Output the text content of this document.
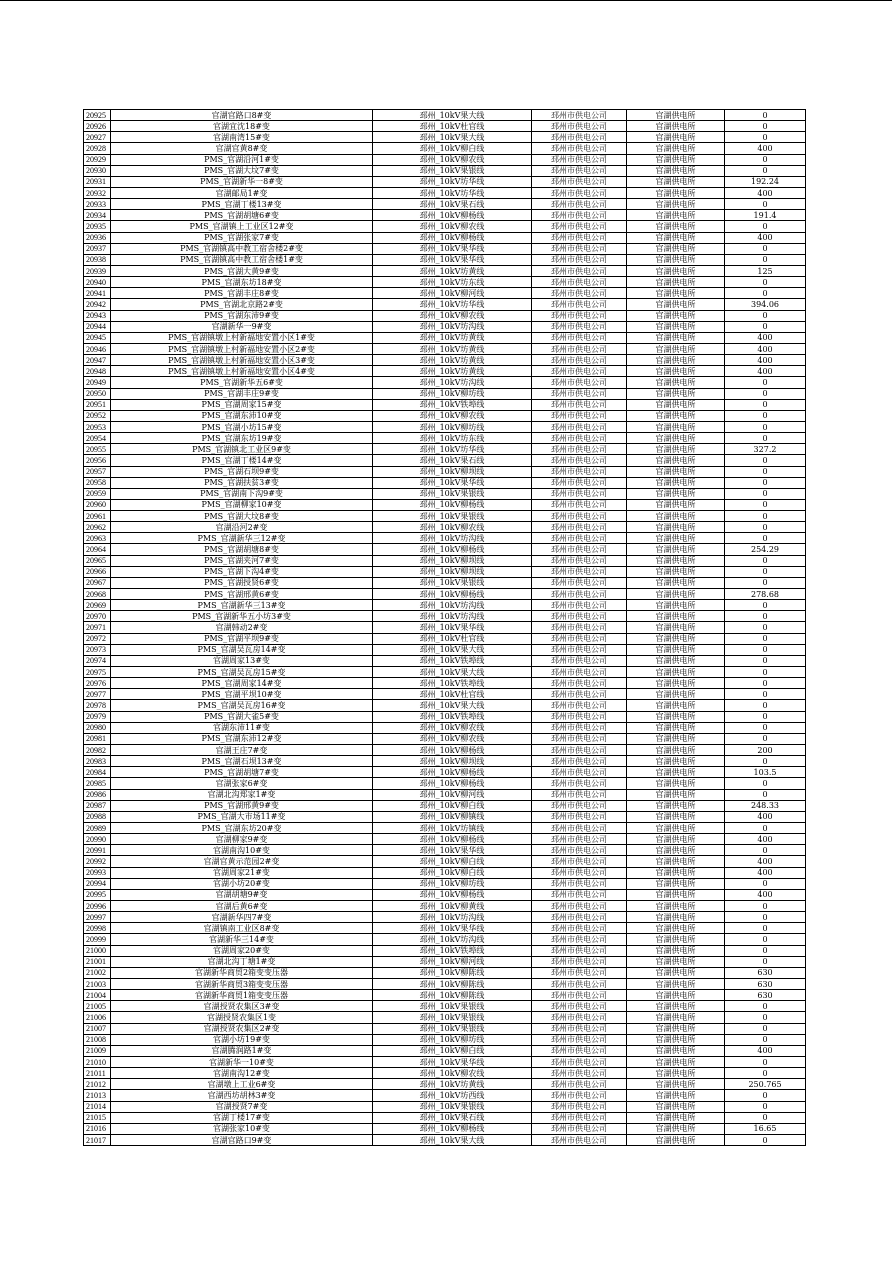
20925	官湖官路口8#变	邳州_10kV果大线	邳州市供电公司	官湖供电所	0
20926	官湖宜沈18#变	邳州_10kV杜官线	邳州市供电公司	官湖供电所	0
20927	官湖南湾15#变	邳州_10kV果大线	邳州市供电公司	官湖供电所	0
20928	官湖官黄8#变	邳州_10kV柳白线	邳州市供电公司	官湖供电所	400
20929	PMS_官湖沿河1#变	邳州_10kV柳农线	邳州市供电公司	官湖供电所	0
20930	PMS_官湖大坟7#变	邳州_10kV果银线	邳州市供电公司	官湖供电所	0
20931	PMS_官湖新华一8#变	邳州_10kV坊华线	邳州市供电公司	官湖供电所	192.24
20932	官湖邮局1#变	邳州_10kV坊华线	邳州市供电公司	官湖供电所	400
20933	PMS_官湖丁楼13#变	邳州_10kV果石线	邳州市供电公司	官湖供电所	0
20934	PMS_官湖胡塘6#变	邳州_10kV柳杨线	邳州市供电公司	官湖供电所	191.4
20935	PMS_官湖镇上工业区12#变	邳州_10kV柳农线	邳州市供电公司	官湖供电所	0
20936	PMS_官湖张家7#变	邳州_10kV柳杨线	邳州市供电公司	官湖供电所	400
20937	PMS_官湖镇高中教工宿舍楼2#变	邳州_10kV果华线	邳州市供电公司	官湖供电所	0
20938	PMS_官湖镇高中教工宿舍楼1#变	邳州_10kV果华线	邳州市供电公司	官湖供电所	0
20939	PMS_官湖大黄9#变	邳州_10kV坊黄线	邳州市供电公司	官湖供电所	125
20940	PMS_官湖东坊18#变	邳州_10kV坊东线	邳州市供电公司	官湖供电所	0
20941	PMS_官湖丰庄8#变	邳州_10kV柳河线	邳州市供电公司	官湖供电所	0
20942	PMS_官湖北京路2#变	邳州_10kV坊华线	邳州市供电公司	官湖供电所	394.06
20943	PMS_官湖东沛9#变	邳州_10kV柳农线	邳州市供电公司	官湖供电所	0
20944	官湖新华一9#变	邳州_10kV坊沟线	邳州市供电公司	官湖供电所	0
20945	PMS_官湖镇墩上村新福地安置小区1#变	邳州_10kV坊黄线	邳州市供电公司	官湖供电所	400
20946	PMS_官湖镇墩上村新福地安置小区2#变	邳州_10kV坊黄线	邳州市供电公司	官湖供电所	400
20947	PMS_官湖镇墩上村新福地安置小区3#变	邳州_10kV坊黄线	邳州市供电公司	官湖供电所	400
20948	PMS_官湖镇墩上村新福地安置小区4#变	邳州_10kV坊黄线	邳州市供电公司	官湖供电所	400
20949	PMS_官湖新华五6#变	邳州_10kV坊沟线	邳州市供电公司	官湖供电所	0
20950	PMS_官湖丰庄9#变	邳州_10kV柳坊线	邳州市供电公司	官湖供电所	0
20951	PMS_官湖周家15#变	邳州_10kV铁埠线	邳州市供电公司	官湖供电所	0
20952	PMS_官湖东沛10#变	邳州_10kV柳农线	邳州市供电公司	官湖供电所	0
20953	PMS_官湖小坊15#变	邳州_10kV柳坊线	邳州市供电公司	官湖供电所	0
20954	PMS_官湖东坊19#变	邳州_10kV坊东线	邳州市供电公司	官湖供电所	0
20955	PMS_官湖镇北工业区9#变	邳州_10kV坊华线	邳州市供电公司	官湖供电所	327.2
20956	PMS_官湖丁楼14#变	邳州_10kV果石线	邳州市供电公司	官湖供电所	0
20957	PMS_官湖石坝9#变	邳州_10kV柳坝线	邳州市供电公司	官湖供电所	0
20958	PMS_官湖扶贫3#变	邳州_10kV果华线	邳州市供电公司	官湖供电所	0
20959	PMS_官湖南下沟9#变	邳州_10kV果银线	邳州市供电公司	官湖供电所	0
20960	PMS_官湖柳家10#变	邳州_10kV柳杨线	邳州市供电公司	官湖供电所	0
20961	PMS_官湖大坟8#变	邳州_10kV果银线	邳州市供电公司	官湖供电所	0
20962	官湖沿河2#变	邳州_10kV柳农线	邳州市供电公司	官湖供电所	0
20963	PMS_官湖新华三12#变	邳州_10kV坊沟线	邳州市供电公司	官湖供电所	0
20964	PMS_官湖胡塘8#变	邳州_10kV柳杨线	邳州市供电公司	官湖供电所	254.29
20965	PMS_官湖夹河7#变	邳州_10kV柳坝线	邳州市供电公司	官湖供电所	0
20966	PMS_官湖下沟4#变	邳州_10kV柳坝线	邳州市供电公司	官湖供电所	0
20967	PMS_官湖授贤6#变	邳州_10kV果银线	邳州市供电公司	官湖供电所	0
20968	PMS_官湖邢黄6#变	邳州_10kV柳杨线	邳州市供电公司	官湖供电所	278.68
20969	PMS_官湖新华三13#变	邳州_10kV坊沟线	邳州市供电公司	官湖供电所	0
20970	PMS_官湖新华五小坊3#变	邳州_10kV坊沟线	邳州市供电公司	官湖供电所	0
20971	官湖韩动2#变	邳州_10kV果华线	邳州市供电公司	官湖供电所	0
20972	PMS_官湖平坝9#变	邳州_10kV杜官线	邳州市供电公司	官湖供电所	0
20973	PMS_官湖吴瓦房14#变	邳州_10kV果大线	邳州市供电公司	官湖供电所	0
20974	官湖周家13#变	邳州_10kV铁埠线	邳州市供电公司	官湖供电所	0
20975	PMS_官湖吴瓦房15#变	邳州_10kV果大线	邳州市供电公司	官湖供电所	0
20976	PMS_官湖周家14#变	邳州_10kV铁埠线	邳州市供电公司	官湖供电所	0
20977	PMS_官湖平坝10#变	邳州_10kV杜官线	邳州市供电公司	官湖供电所	0
20978	PMS_官湖吴瓦房16#变	邳州_10kV果大线	邳州市供电公司	官湖供电所	0
20979	PMS_官湖大雀5#变	邳州_10kV铁埠线	邳州市供电公司	官湖供电所	0
20980	官湖东沛11#变	邳州_10kV柳农线	邳州市供电公司	官湖供电所	0
20981	PMS_官湖东沛12#变	邳州_10kV柳农线	邳州市供电公司	官湖供电所	0
20982	官湖王庄7#变	邳州_10kV柳杨线	邳州市供电公司	官湖供电所	200
20983	PMS_官湖石坝13#变	邳州_10kV柳坝线	邳州市供电公司	官湖供电所	0
20984	PMS_官湖胡塘7#变	邳州_10kV柳杨线	邳州市供电公司	官湖供电所	103.5
20985	官湖张家6#变	邳州_10kV柳杨线	邳州市供电公司	官湖供电所	0
20986	官湖北沟郑家1#变	邳州_10kV柳河线	邳州市供电公司	官湖供电所	0
20987	PMS_官湖邢黄9#变	邳州_10kV柳白线	邳州市供电公司	官湖供电所	248.33
20988	PMS_官湖大市场11#变	邳州_10kV柳镇线	邳州市供电公司	官湖供电所	400
20989	PMS_官湖东坊20#变	邳州_10kV坊镇线	邳州市供电公司	官湖供电所	0
20990	官湖柳家9#变	邳州_10kV柳杨线	邳州市供电公司	官湖供电所	400
20991	官湖南沟10#变	邳州_10kV果华线	邳州市供电公司	官湖供电所	0
20992	官湖官黄示范园2#变	邳州_10kV柳白线	邳州市供电公司	官湖供电所	400
20993	官湖周家21#变	邳州_10kV柳白线	邳州市供电公司	官湖供电所	400
20994	官湖小坊20#变	邳州_10kV柳坊线	邳州市供电公司	官湖供电所	0
20995	官湖胡塘9#变	邳州_10kV柳杨线	邳州市供电公司	官湖供电所	400
20996	官湖后黄6#变	邳州_10kV柳黄线	邳州市供电公司	官湖供电所	0
20997	官湖新华四7#变	邳州_10kV坊沟线	邳州市供电公司	官湖供电所	0
20998	官湖镇南工业区8#变	邳州_10kV果华线	邳州市供电公司	官湖供电所	0
20999	官湖新华三14#变	邳州_10kV坊沟线	邳州市供电公司	官湖供电所	0
21000	官湖周家20#变	邳州_10kV铁埠线	邳州市供电公司	官湖供电所	0
21001	官湖北沟丁塘1#变	邳州_10kV柳河线	邳州市供电公司	官湖供电所	0
21002	官湖新华商贸2箱变变压器	邳州_10kV柳陈线	邳州市供电公司	官湖供电所	630
21003	官湖新华商贸3箱变变压器	邳州_10kV柳陈线	邳州市供电公司	官湖供电所	630
21004	官湖新华商贸1箱变变压器	邳州_10kV柳陈线	邳州市供电公司	官湖供电所	630
21005	官湖授贤农集区3#变	邳州_10kV果银线	邳州市供电公司	官湖供电所	0
21006	官湖授贤农集区1变	邳州_10kV果银线	邳州市供电公司	官湖供电所	0
21007	官湖授贤农集区2#变	邳州_10kV果银线	邳州市供电公司	官湖供电所	0
21008	官湖小坊19#变	邳州_10kV柳坊线	邳州市供电公司	官湖供电所	0
21009	官湖腾润路1#变	邳州_10kV柳白线	邳州市供电公司	官湖供电所	400
21010	官湖新华一10#变	邳州_10kV果华线	邳州市供电公司	官湖供电所	0
21011	官湖南沟12#变	邳州_10kV柳农线	邳州市供电公司	官湖供电所	0
21012	官湖墩上工业6#变	邳州_10kV坊黄线	邳州市供电公司	官湖供电所	250.765
21013	官湖西坊胡林3#变	邳州_10kV坊西线	邳州市供电公司	官湖供电所	0
21014	官湖授贤7#变	邳州_10kV果银线	邳州市供电公司	官湖供电所	0
21015	官湖丁楼17#变	邳州_10kV果石线	邳州市供电公司	官湖供电所	0
21016	官湖张家10#变	邳州_10kV柳杨线	邳州市供电公司	官湖供电所	16.65
21017	官湖官路口9#变	邳州_10kV果大线	邳州市供电公司	官湖供电所	0
